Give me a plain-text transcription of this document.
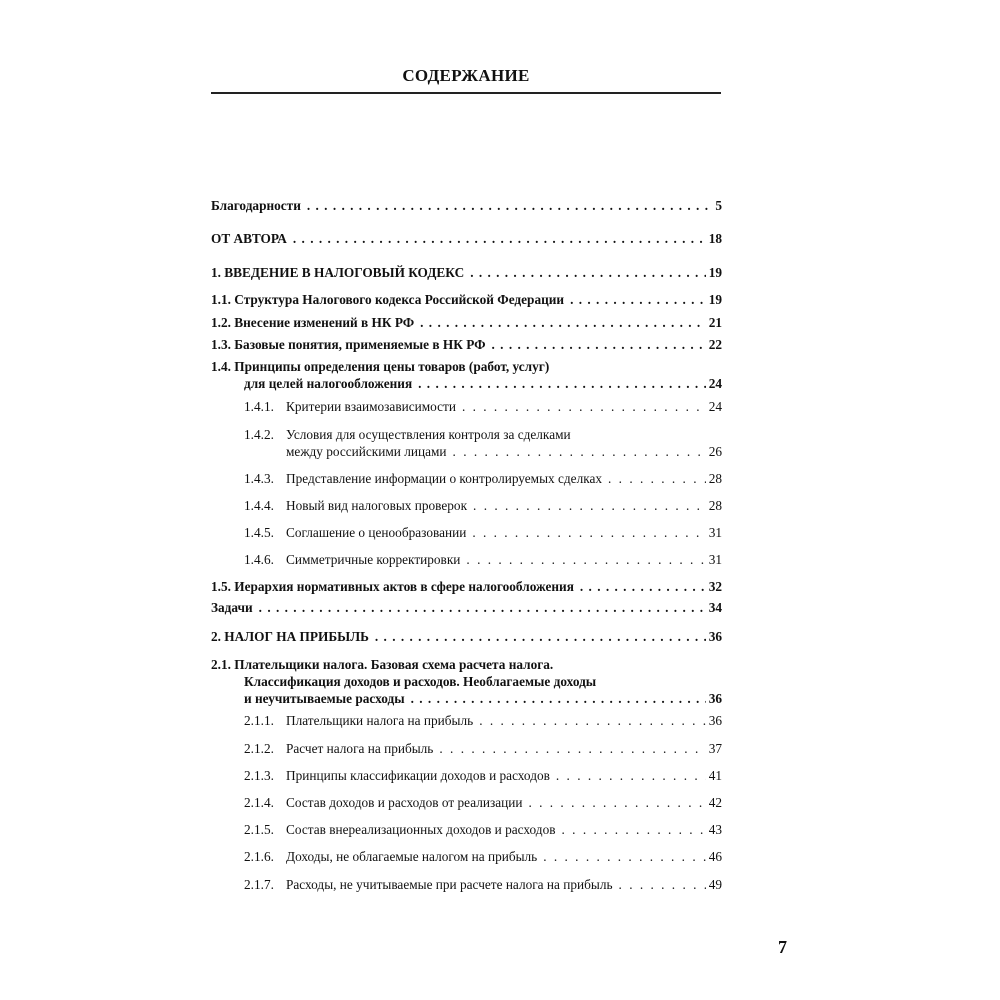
СОДЕРЖАНИЕ
Благодарности . . .	5
ОТ АВТОРА . . .	18
1. ВВЕДЕНИЕ В НАЛОГОВЫЙ КОДЕКС . . .	19
1.1. Структура Налогового кодекса Российской Федерации . . .	19
1.2. Внесение изменений в НК РФ . . .	21
1.3. Базовые понятия, применяемые в НК РФ . . .	22
1.4. Принципы определения цены товаров (работ, услуг)
для целей налогообложения . . .	24
1.4.1. Критерии взаимозависимости . . .	24
1.4.2. Условия для осуществления контроля за сделками
между российскими лицами . . .	26
1.4.3. Представление информации о контролируемых сделках . . .	28
1.4.4. Новый вид налоговых проверок . . .	28
1.4.5. Соглашение о ценообразовании . . .	31
1.4.6. Симметричные корректировки . . .	31
1.5. Иерархия нормативных актов в сфере налогообложения . . .	32
Задачи . . .	34
2. НАЛОГ НА ПРИБЫЛЬ . . .	36
2.1. Плательщики налога. Базовая схема расчета налога.
Классификация доходов и расходов. Необлагаемые доходы
и неучитываемые расходы . . .	36
2.1.1. Плательщики налога на прибыль . . .	36
2.1.2. Расчет налога на прибыль . . .	37
2.1.3. Принципы классификации доходов и расходов . . .	41
2.1.4. Состав доходов и расходов от реализации . . .	42
2.1.5. Состав внереализационных доходов и расходов . . .	43
2.1.6. Доходы, не облагаемые налогом на прибыль . . .	46
2.1.7. Расходы, не учитываемые при расчете налога на прибыль . . .	49
7
